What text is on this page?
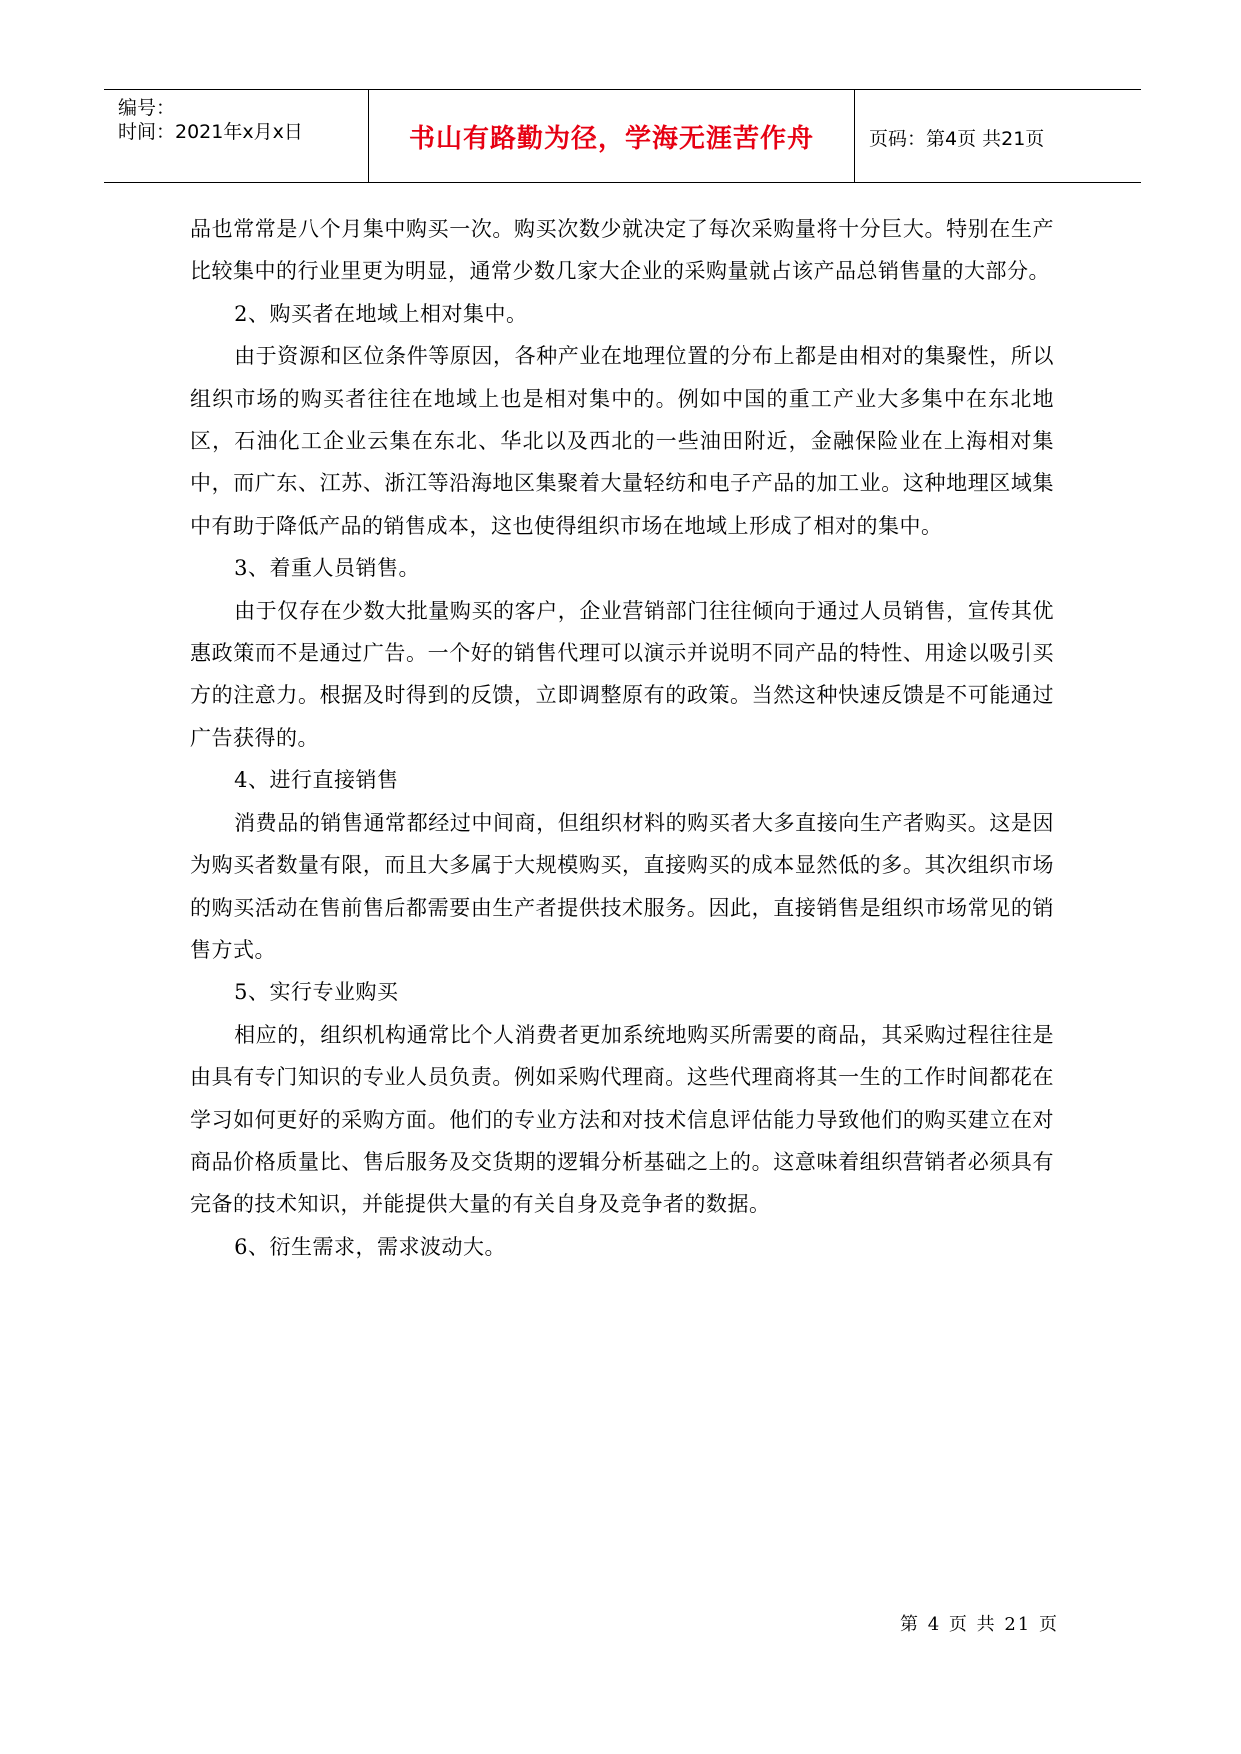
编号：
时间：2021年x月x日	书山有路勤为径，学海无涯苦作舟	页码：第4页 共21页

品也常常是八个月集中购买一次。购买次数少就决定了每次采购量将十分巨大。特别在生产比较集中的行业里更为明显，通常少数几家大企业的采购量就占该产品总销售量的大部分。

2、购买者在地域上相对集中。

由于资源和区位条件等原因，各种产业在地理位置的分布上都是由相对的集聚性，所以组织市场的购买者往往在地域上也是相对集中的。例如中国的重工产业大多集中在东北地区，石油化工企业云集在东北、华北以及西北的一些油田附近，金融保险业在上海相对集中，而广东、江苏、浙江等沿海地区集聚着大量轻纺和电子产品的加工业。这种地理区域集中有助于降低产品的销售成本，这也使得组织市场在地域上形成了相对的集中。

3、着重人员销售。

由于仅存在少数大批量购买的客户，企业营销部门往往倾向于通过人员销售，宣传其优惠政策而不是通过广告。一个好的销售代理可以演示并说明不同产品的特性、用途以吸引买方的注意力。根据及时得到的反馈，立即调整原有的政策。当然这种快速反馈是不可能通过广告获得的。

4、进行直接销售

消费品的销售通常都经过中间商，但组织材料的购买者大多直接向生产者购买。这是因为购买者数量有限，而且大多属于大规模购买，直接购买的成本显然低的多。其次组织市场的购买活动在售前售后都需要由生产者提供技术服务。因此，直接销售是组织市场常见的销售方式。

5、实行专业购买

相应的，组织机构通常比个人消费者更加系统地购买所需要的商品，其采购过程往往是由具有专门知识的专业人员负责。例如采购代理商。这些代理商将其一生的工作时间都花在学习如何更好的采购方面。他们的专业方法和对技术信息评估能力导致他们的购买建立在对商品价格质量比、售后服务及交货期的逻辑分析基础之上的。这意味着组织营销者必须具有完备的技术知识，并能提供大量的有关自身及竞争者的数据。

6、衍生需求，需求波动大。

第 4 页 共 21 页
